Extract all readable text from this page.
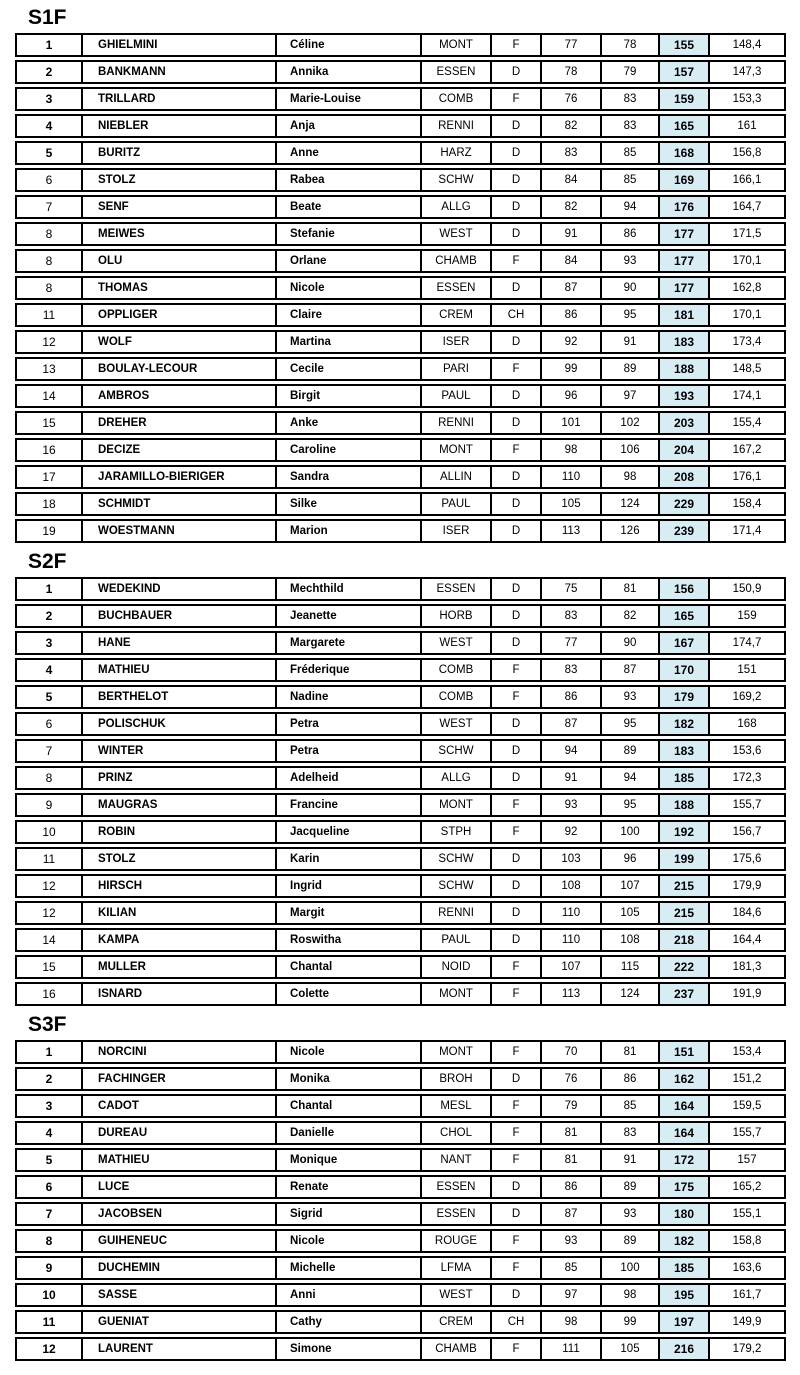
S1F
1	GHIELMINI	Céline	MONT	F	77	78	155	148,4
2	BANKMANN	Annika	ESSEN	D	78	79	157	147,3
3	TRILLARD	Marie-Louise	COMB	F	76	83	159	153,3
4	NIEBLER	Anja	RENNI	D	82	83	165	161
5	BURITZ	Anne	HARZ	D	83	85	168	156,8
6	STOLZ	Rabea	SCHW	D	84	85	169	166,1
7	SENF	Beate	ALLG	D	82	94	176	164,7
8	MEIWES	Stefanie	WEST	D	91	86	177	171,5
8	OLU	Orlane	CHAMB	F	84	93	177	170,1
8	THOMAS	Nicole	ESSEN	D	87	90	177	162,8
11	OPPLIGER	Claire	CREM	CH	86	95	181	170,1
12	WOLF	Martina	ISER	D	92	91	183	173,4
13	BOULAY-LECOUR	Cecile	PARI	F	99	89	188	148,5
14	AMBROS	Birgit	PAUL	D	96	97	193	174,1
15	DREHER	Anke	RENNI	D	101	102	203	155,4
16	DECIZE	Caroline	MONT	F	98	106	204	167,2
17	JARAMILLO-BIERIGER	Sandra	ALLIN	D	110	98	208	176,1
18	SCHMIDT	Silke	PAUL	D	105	124	229	158,4
19	WOESTMANN	Marion	ISER	D	113	126	239	171,4
S2F
1	WEDEKIND	Mechthild	ESSEN	D	75	81	156	150,9
2	BUCHBAUER	Jeanette	HORB	D	83	82	165	159
3	HANE	Margarete	WEST	D	77	90	167	174,7
4	MATHIEU	Fréderique	COMB	F	83	87	170	151
5	BERTHELOT	Nadine	COMB	F	86	93	179	169,2
6	POLISCHUK	Petra	WEST	D	87	95	182	168
7	WINTER	Petra	SCHW	D	94	89	183	153,6
8	PRINZ	Adelheid	ALLG	D	91	94	185	172,3
9	MAUGRAS	Francine	MONT	F	93	95	188	155,7
10	ROBIN	Jacqueline	STPH	F	92	100	192	156,7
11	STOLZ	Karin	SCHW	D	103	96	199	175,6
12	HIRSCH	Ingrid	SCHW	D	108	107	215	179,9
12	KILIAN	Margit	RENNI	D	110	105	215	184,6
14	KAMPA	Roswitha	PAUL	D	110	108	218	164,4
15	MULLER	Chantal	NOID	F	107	115	222	181,3
16	ISNARD	Colette	MONT	F	113	124	237	191,9
S3F
1	NORCINI	Nicole	MONT	F	70	81	151	153,4
2	FACHINGER	Monika	BROH	D	76	86	162	151,2
3	CADOT	Chantal	MESL	F	79	85	164	159,5
4	DUREAU	Danielle	CHOL	F	81	83	164	155,7
5	MATHIEU	Monique	NANT	F	81	91	172	157
6	LUCE	Renate	ESSEN	D	86	89	175	165,2
7	JACOBSEN	Sigrid	ESSEN	D	87	93	180	155,1
8	GUIHENEUC	Nicole	ROUGE	F	93	89	182	158,8
9	DUCHEMIN	Michelle	LFMA	F	85	100	185	163,6
10	SASSE	Anni	WEST	D	97	98	195	161,7
11	GUENIAT	Cathy	CREM	CH	98	99	197	149,9
12	LAURENT	Simone	CHAMB	F	111	105	216	179,2
